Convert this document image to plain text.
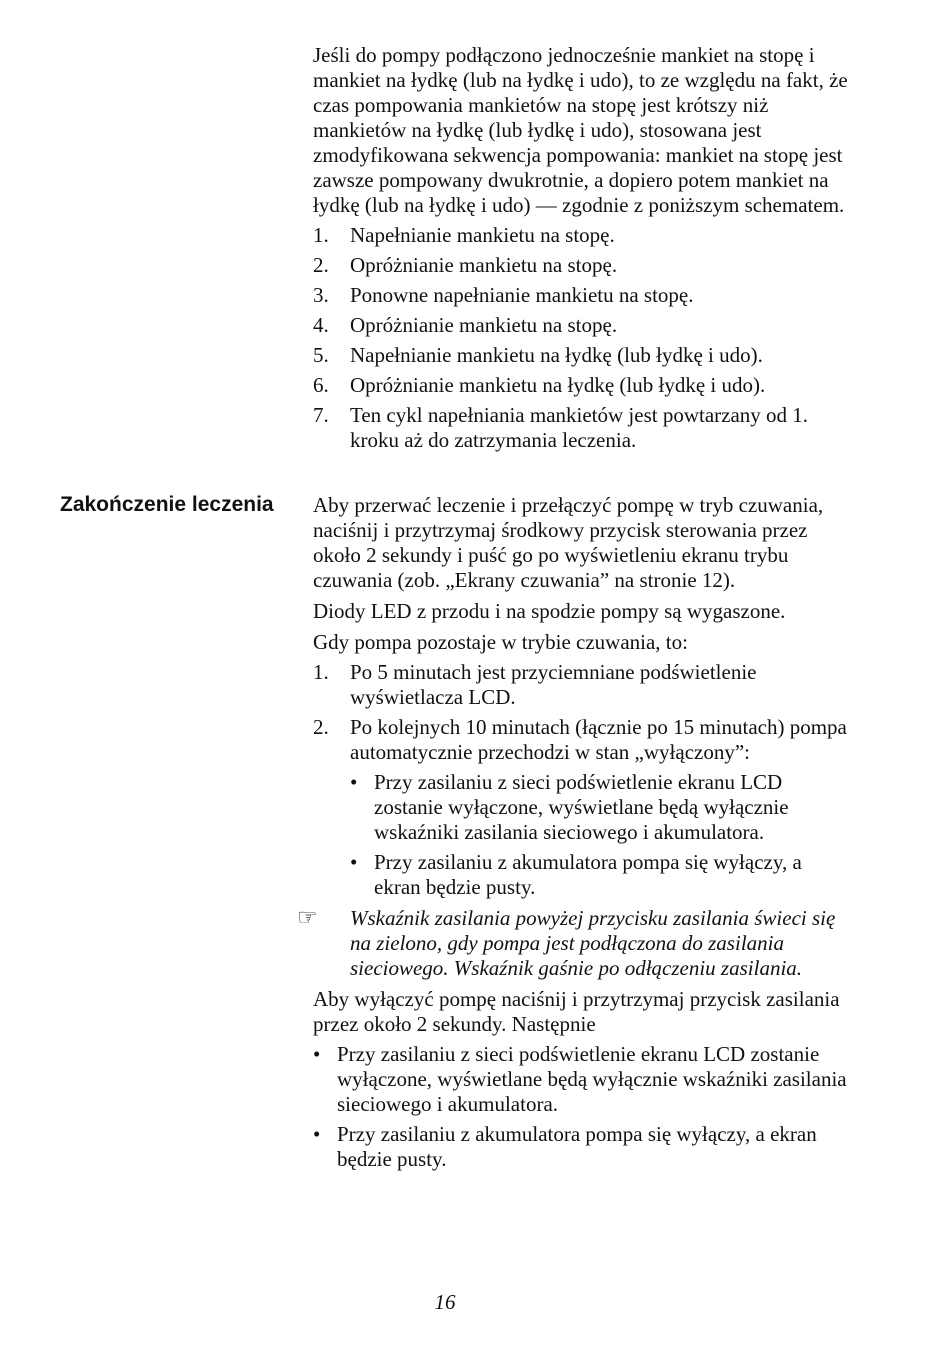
Jeśli do pompy podłączono jednocześnie mankiet na stopę i mankiet na łydkę (lub na łydkę i udo), to ze względu na fakt, że czas pompowania mankietów na stopę jest krótszy niż mankietów na łydkę (lub łydkę i udo), stosowana jest zmodyfikowana sekwencja pompowania: mankiet na stopę jest zawsze pompowany dwukrotnie, a dopiero potem mankiet na łydkę (lub na łydkę i udo) — zgodnie z poniższym schematem.

1. Napełnianie mankietu na stopę.
2. Opróżnianie mankietu na stopę.
3. Ponowne napełnianie mankietu na stopę.
4. Opróżnianie mankietu na stopę.
5. Napełnianie mankietu na łydkę (lub łydkę i udo).
6. Opróżnianie mankietu na łydkę (lub łydkę i udo).
7. Ten cykl napełniania mankietów jest powtarzany od 1. kroku aż do zatrzymania leczenia.
Zakończenie leczenia Aby przerwać leczenie i przełączyć pompę w tryb czuwania, naciśnij i przytrzymaj środkowy przycisk sterowania przez około 2 sekundy i puść go po wyświetleniu ekranu trybu czuwania (zob. „Ekrany czuwania” na stronie 12).

Diody LED z przodu i na spodzie pompy są wygaszone.

Gdy pompa pozostaje w trybie czuwania, to:

1. Po 5 minutach jest przyciemniane podświetlenie wyświetlacza LCD.
2. Po kolejnych 10 minutach (łącznie po 15 minutach) pompa automatycznie przechodzi w stan „wyłączony”:
• Przy zasilaniu z sieci podświetlenie ekranu LCD zostanie wyłączone, wyświetlane będą wyłącznie wskaźniki zasilania sieciowego i akumulatora.
• Przy zasilaniu z akumulatora pompa się wyłączy, a ekran będzie pusty.
☞ Wskaźnik zasilania powyżej przycisku zasilania świeci się na zielono, gdy pompa jest podłączona do zasilania sieciowego. Wskaźnik gaśnie po odłączeniu zasilania.

Aby wyłączyć pompę naciśnij i przytrzymaj przycisk zasilania przez około 2 sekundy. Następnie

• Przy zasilaniu z sieci podświetlenie ekranu LCD zostanie wyłączone, wyświetlane będą wyłącznie wskaźniki zasilania sieciowego i akumulatora.
• Przy zasilaniu z akumulatora pompa się wyłączy, a ekran będzie pusty.
16
